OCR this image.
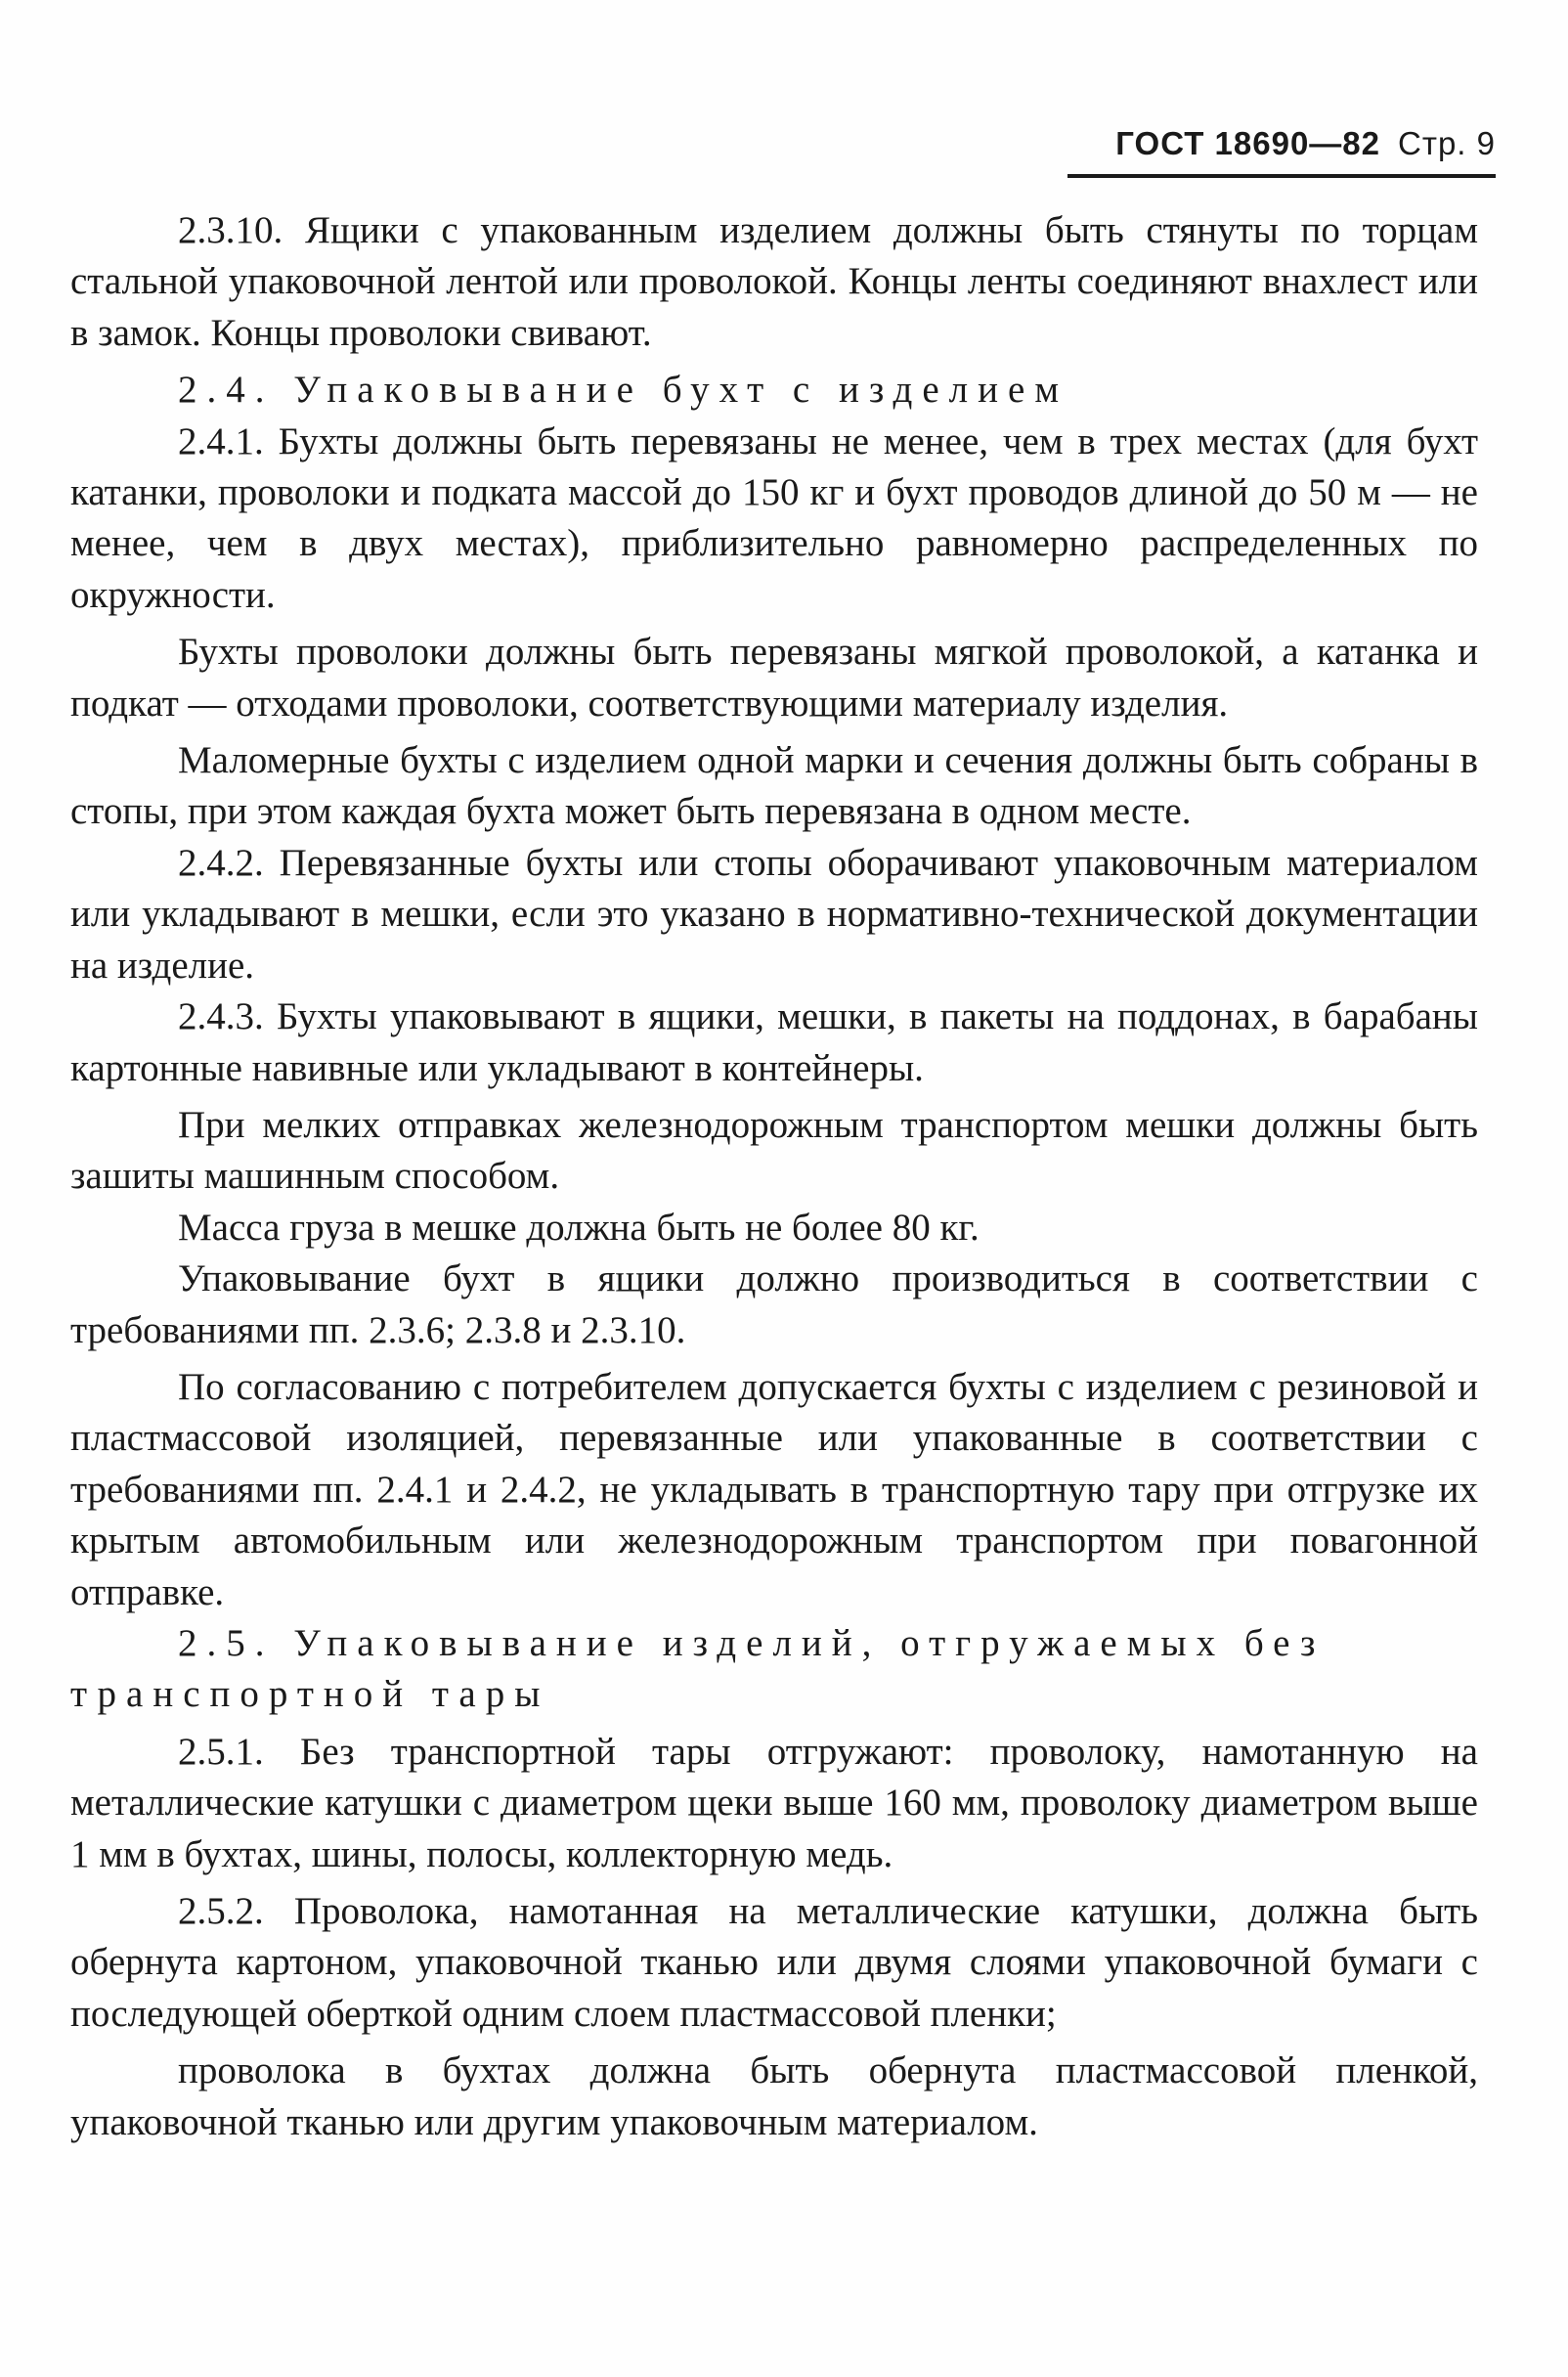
ГОСТ 18690—82 Стр. 9

2.3.10. Ящики с упакованным изделием должны быть стянуты по торцам стальной упаковочной лентой или проволокой. Концы ленты соединяют внахлест или в замок. Концы проволоки свивают.

2.4. Упаковывание бухт с изделием

2.4.1. Бухты должны быть перевязаны не менее, чем в трех местах (для бухт катанки, проволоки и подката массой до 150 кг и бухт проводов длиной до 50 м — не менее, чем в двух местах), приблизительно равномерно распределенных по окружности.

Бухты проволоки должны быть перевязаны мягкой проволокой, а катанка и подкат — отходами проволоки, соответствующими материалу изделия.

Маломерные бухты с изделием одной марки и сечения должны быть собраны в стопы, при этом каждая бухта может быть перевязана в одном месте.

2.4.2. Перевязанные бухты или стопы оборачивают упаковочным материалом или укладывают в мешки, если это указано в нормативно-технической документации на изделие.

2.4.3. Бухты упаковывают в ящики, мешки, в пакеты на поддонах, в барабаны картонные навивные или укладывают в контейнеры.

При мелких отправках железнодорожным транспортом мешки должны быть зашиты машинным способом.

Масса груза в мешке должна быть не более 80 кг.

Упаковывание бухт в ящики должно производиться в соответствии с требованиями пп. 2.3.6; 2.3.8 и 2.3.10.

По согласованию с потребителем допускается бухты с изделием с резиновой и пластмассовой изоляцией, перевязанные или упакованные в соответствии с требованиями пп. 2.4.1 и 2.4.2, не укладывать в транспортную тару при отгрузке их крытым автомобильным или железнодорожным транспортом при повагонной отправке.

2.5. Упаковывание изделий, отгружаемых без транспортной тары

2.5.1. Без транспортной тары отгружают: проволоку, намотанную на металлические катушки с диаметром щеки выше 160 мм, проволоку диаметром выше 1 мм в бухтах, шины, полосы, коллекторную медь.

2.5.2. Проволока, намотанная на металлические катушки, должна быть обернута картоном, упаковочной тканью или двумя слоями упаковочной бумаги с последующей оберткой одним слоем пластмассовой пленки;

проволока в бухтах должна быть обернута пластмассовой пленкой, упаковочной тканью или другим упаковочным материалом.
